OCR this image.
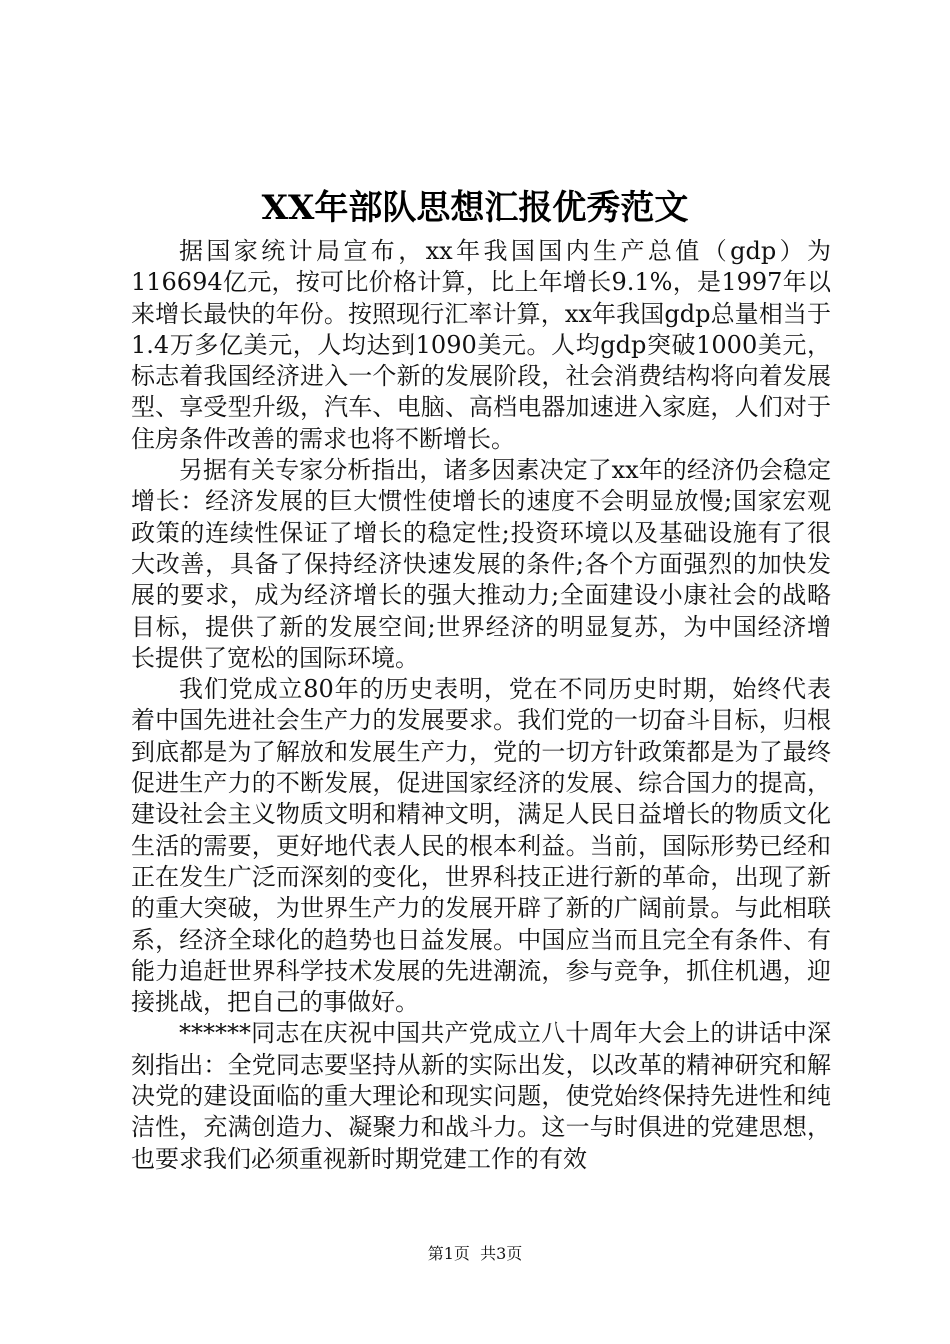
XX年部队思想汇报优秀范文

据国家统计局宣布，xx年我国国内生产总值（gdp）为116694亿元，按可比价格计算，比上年增长9.1%，是1997年以来增长最快的年份。按照现行汇率计算，xx年我国gdp总量相当于1.4万多亿美元，人均达到1090美元。人均gdp突破1000美元，标志着我国经济进入一个新的发展阶段，社会消费结构将向着发展型、享受型升级，汽车、电脑、高档电器加速进入家庭，人们对于住房条件改善的需求也将不断增长。

另据有关专家分析指出，诸多因素决定了xx年的经济仍会稳定增长：经济发展的巨大惯性使增长的速度不会明显放慢;国家宏观政策的连续性保证了增长的稳定性;投资环境以及基础设施有了很大改善，具备了保持经济快速发展的条件;各个方面强烈的加快发展的要求，成为经济增长的强大推动力;全面建设小康社会的战略目标，提供了新的发展空间;世界经济的明显复苏，为中国经济增长提供了宽松的国际环境。

我们党成立80年的历史表明，党在不同历史时期，始终代表着中国先进社会生产力的发展要求。我们党的一切奋斗目标，归根到底都是为了解放和发展生产力，党的一切方针政策都是为了最终促进生产力的不断发展，促进国家经济的发展、综合国力的提高，建设社会主义物质文明和精神文明，满足人民日益增长的物质文化生活的需要，更好地代表人民的根本利益。当前，国际形势已经和正在发生广泛而深刻的变化，世界科技正进行新的革命，出现了新的重大突破，为世界生产力的发展开辟了新的广阔前景。与此相联系，经济全球化的趋势也日益发展。中国应当而且完全有条件、有能力追赶世界科学技术发展的先进潮流，参与竞争，抓住机遇，迎接挑战，把自己的事做好。

******同志在庆祝中国共产党成立八十周年大会上的讲话中深刻指出：全党同志要坚持从新的实际出发，以改革的精神研究和解决党的建设面临的重大理论和现实问题，使党始终保持先进性和纯洁性，充满创造力、凝聚力和战斗力。这一与时俱进的党建思想，也要求我们必须重视新时期党建工作的有效

第1页 共3页
